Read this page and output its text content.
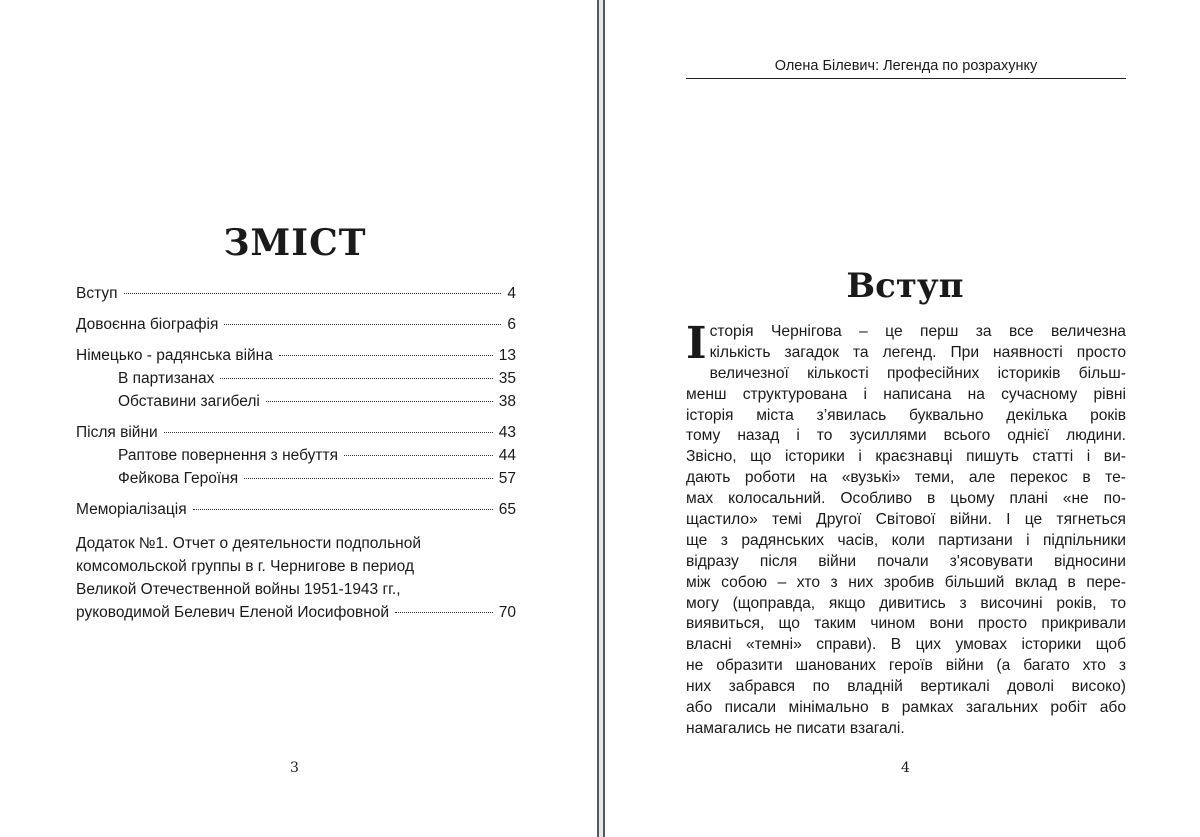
ЗМІСТ
Вступ	4
Довоєнна біографія	6
Німецько - радянська війна	13
В партизанах	35
Обставини загибелі	38
Після війни	43
Раптове повернення з небуття	44
Фейкова Героїня	57
Меморіалізація	65
Додаток №1. Отчет о деятельности подпольной
комсомольской группы в г. Чернигове в период
Великой Отечественной войны 1951-1943 гг.,
руководимой Белевич Еленой Иосифовной	70
3
Олена Білевич: Легенда по розрахунку
Вступ
І сторія Чернігова – це перш за все величезна
кількість загадок та легенд. При наявності просто
величезної кількості професійних істориків більш-
менш структурована і написана на сучасному рівні
історія міста з’явилась буквально декілька років
тому назад і то зусиллями всього однієї людини.
Звісно, що історики і краєзнавці пишуть статті і ви-
дають роботи на «вузькі» теми, але перекос в те-
мах колосальний. Особливо в цьому плані «не по-
щастило» темі Другої Світової війни. І це тягнеться
ще з радянських часів, коли партизани і підпільники
відразу після війни почали з'ясовувати відносини
між собою – хто з них зробив більший вклад в пере-
могу (щоправда, якщо дивитись з височині років, то
виявиться, що таким чином вони просто прикривали
власні «темні» справи). В цих умовах історики щоб
не образити шанованих героїв війни (а багато хто з
них забрався по владній вертикалі доволі високо)
або писали мінімально в рамках загальних робіт або
намагались не писати взагалі.
4
